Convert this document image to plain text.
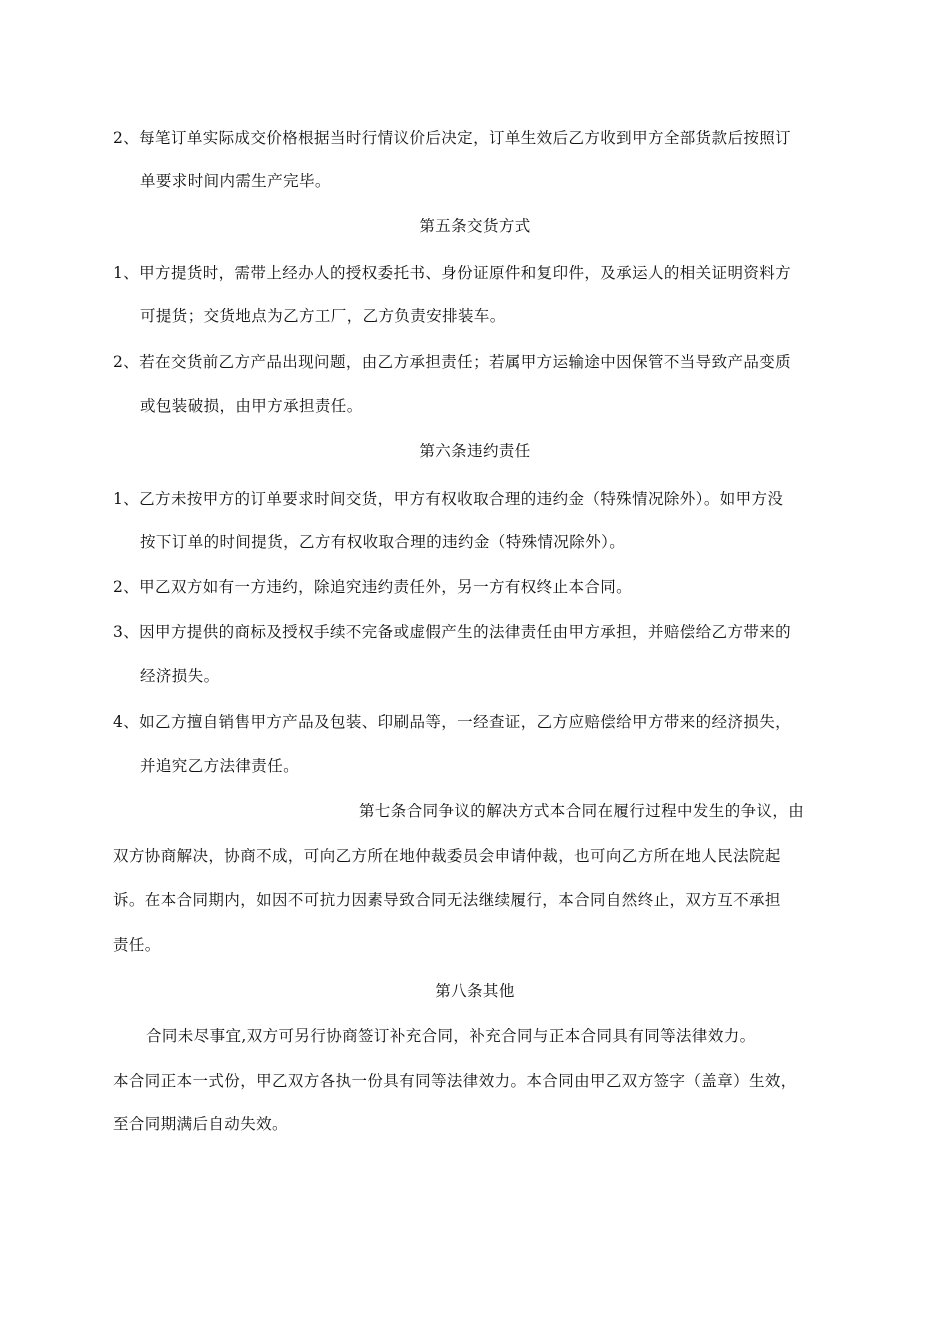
2、每笔订单实际成交价格根据当时行情议价后决定，订单生效后乙方收到甲方全部货款后按照订
单要求时间内需生产完毕。
第五条交货方式
1、甲方提货时，需带上经办人的授权委托书、身份证原件和复印件，及承运人的相关证明资料方
可提货；交货地点为乙方工厂，乙方负责安排装车。
2、若在交货前乙方产品出现问题，由乙方承担责任；若属甲方运输途中因保管不当导致产品变质
或包装破损，由甲方承担责任。
第六条违约责任
1、乙方未按甲方的订单要求时间交货，甲方有权收取合理的违约金（特殊情况除外）。如甲方没
按下订单的时间提货，乙方有权收取合理的违约金（特殊情况除外）。
2、甲乙双方如有一方违约，除追究违约责任外，另一方有权终止本合同。
3、因甲方提供的商标及授权手续不完备或虚假产生的法律责任由甲方承担，并赔偿给乙方带来的
经济损失。
4、如乙方擅自销售甲方产品及包装、印刷品等，一经查证，乙方应赔偿给甲方带来的经济损失，
并追究乙方法律责任。
第七条合同争议的解决方式本合同在履行过程中发生的争议，由
双方协商解决，协商不成，可向乙方所在地仲裁委员会申请仲裁，也可向乙方所在地人民法院起
诉。在本合同期内，如因不可抗力因素导致合同无法继续履行，本合同自然终止，双方互不承担
责任。
第八条其他
合同未尽事宜,双方可另行协商签订补充合同，补充合同与正本合同具有同等法律效力。
本合同正本一式份，甲乙双方各执一份具有同等法律效力。本合同由甲乙双方签字（盖章）生效，
至合同期满后自动失效。
